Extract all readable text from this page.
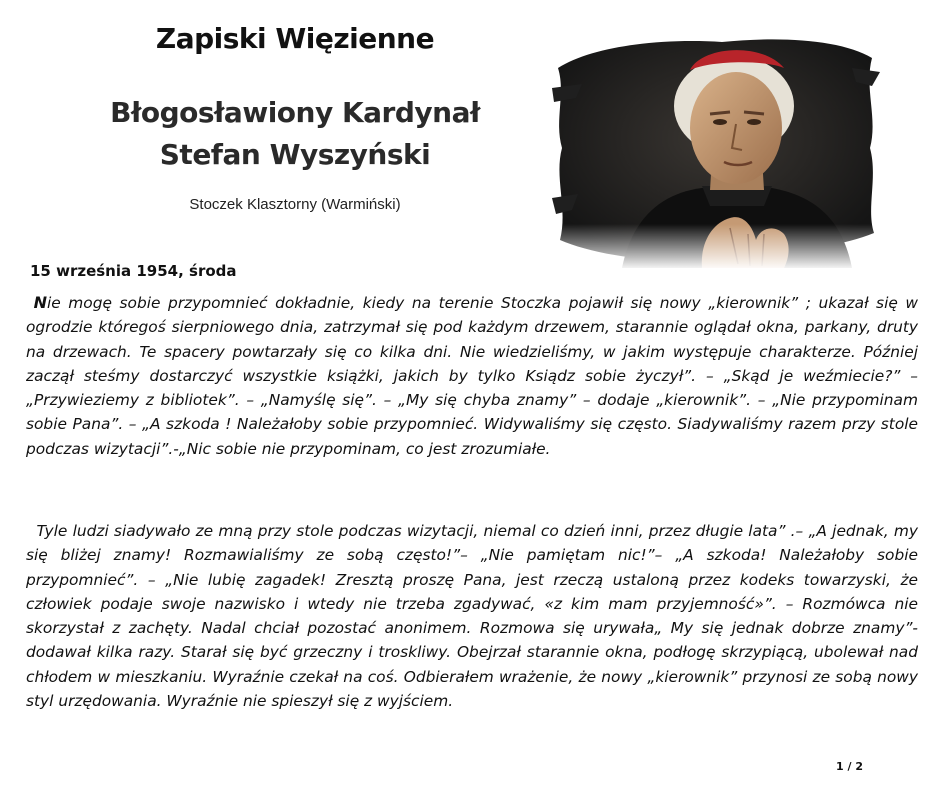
Zapiski Więzienne
Błogosławiony Kardynał
Stefan Wyszyński
Stoczek Klasztorny (Warmiński)
15 września 1954, środa

Nie mogę sobie przypomnieć dokładnie, kiedy na terenie Stoczka pojawił się nowy „kierownik” ; ukazał się w ogrodzie któregoś sierpniowego dnia, zatrzymał się pod każdym drzewem, starannie oglądał okna, parkany, druty na drzewach. Te spacery powtarzały się co kilka dni. Nie wiedzieliśmy, w jakim występuje charakterze. Później zaczął steśmy dostarczyć wszystkie książki, jakich by tylko Ksiądz sobie życzył”. – „Skąd je weźmiecie?” – „Przywieziemy z bibliotek”. – „Namyślę się”. – „My się chyba znamy” – dodaje „kierownik”. – „Nie przypominam sobie Pana”. – „A szkoda ! Należałoby sobie przypomnieć. Widywaliśmy się często. Siadywaliśmy razem przy stole podczas wizytacji”.-„Nic sobie nie przypominam, co jest zrozumiałe.

Tyle ludzi siadywało ze mną przy stole podczas wizytacji, niemal co dzień inni, przez długie lata” .– „A jednak, my się bliżej znamy! Rozmawialiśmy ze sobą często!”– „Nie pamiętam nic!”– „A szkoda! Należałoby sobie przypomnieć”. – „Nie lubię zagadek! Zresztą proszę Pana, jest rzeczą ustaloną przez kodeks towarzyski, że człowiek podaje swoje nazwisko i wtedy nie trzeba zgadywać, «z kim mam przyjemność»”. – Rozmówca nie skorzystał z zachęty. Nadal chciał pozostać anonimem. Rozmowa się urywała„ My się jednak dobrze znamy”-dodawał kilka razy. Starał się być grzeczny i troskliwy. Obejrzał starannie okna, podłogę skrzypiącą, ubolewał nad chłodem w mieszkaniu. Wyraźnie czekał na coś. Odbierałem wrażenie, że nowy „kierownik” przynosi ze sobą nowy styl urzędowania. Wyraźnie nie spieszył się z wyjściem.

1 / 2
